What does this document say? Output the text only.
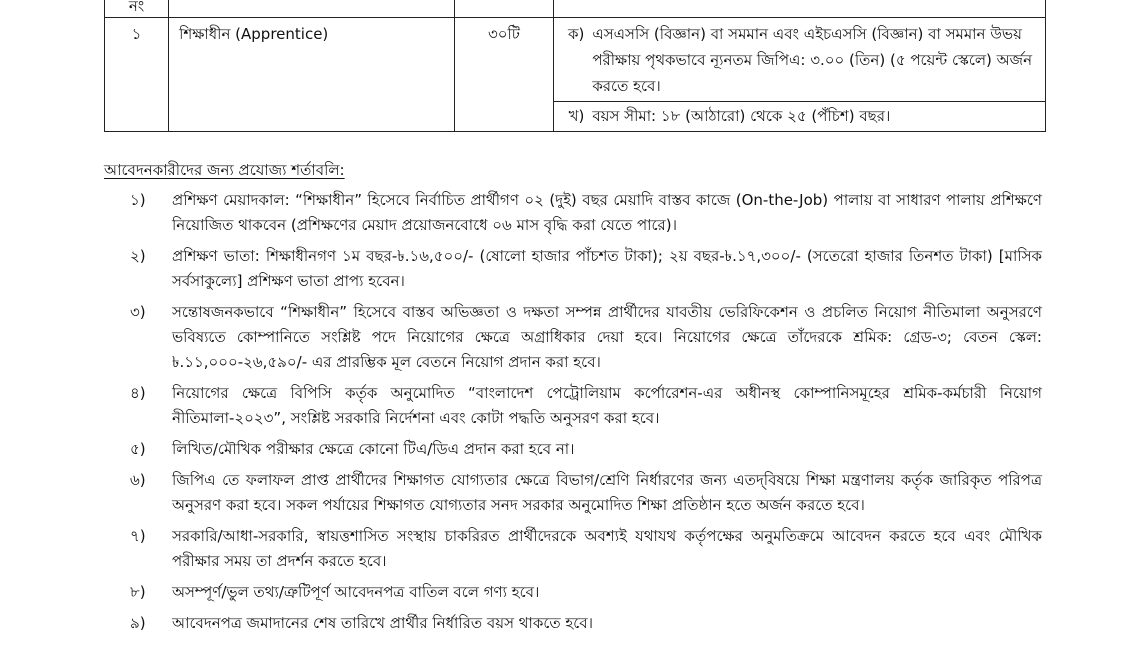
নং			
১	শিক্ষাধীন (Apprentice)	৩০টি	ক) এসএসসি (বিজ্ঞান) বা সমমান এবং এইচএসসি (বিজ্ঞান) বা সমমান উভয় পরীক্ষায় পৃথকভাবে ন্যূনতম জিপিএ: ৩.০০ (তিন) (৫ পয়েন্ট স্কেলে) অর্জন করতে হবে।
খ) বয়স সীমা: ১৮ (আঠারো) থেকে ২৫ (পঁচিশ) বছর।
আবেদনকারীদের জন্য প্রযোজ্য শর্তাবলি:
১)	প্রশিক্ষণ মেয়াদকাল: “শিক্ষাধীন” হিসেবে নির্বাচিত প্রার্থীগণ ০২ (দুই) বছর মেয়াদি বাস্তব কাজে (On-the-Job) পালায় বা সাধারণ পালায় প্রশিক্ষণে নিয়োজিত থাকবেন (প্রশিক্ষণের মেয়াদ প্রয়োজনবোধে ০৬ মাস বৃদ্ধি করা যেতে পারে)।
২)	প্রশিক্ষণ ভাতা: শিক্ষাধীনগণ ১ম বছর-৳.১৬,৫০০/- (ষোলো হাজার পাঁচশত টাকা); ২য় বছর-৳.১৭,৩০০/- (সতেরো হাজার তিনশত টাকা) [মাসিক সর্বসাকুল্যে] প্রশিক্ষণ ভাতা প্রাপ্য হবেন।
৩)	সন্তোষজনকভাবে “শিক্ষাধীন” হিসেবে বাস্তব অভিজ্ঞতা ও দক্ষতা সম্পন্ন প্রার্থীদের যাবতীয় ভেরিফিকেশন ও প্রচলিত নিয়োগ নীতিমালা অনুসরণে ভবিষ্যতে কোম্পানিতে সংশ্লিষ্ট পদে নিয়োগের ক্ষেত্রে অগ্রাধিকার দেয়া হবে। নিয়োগের ক্ষেত্রে তাঁদেরকে শ্রমিক: গ্রেড-৩; বেতন স্কেল: ৳.১১,০০০-২৬,৫৯০/- এর প্রারম্ভিক মূল বেতনে নিয়োগ প্রদান করা হবে।
৪)	নিয়োগের ক্ষেত্রে বিপিসি কর্তৃক অনুমোদিত “বাংলাদেশ পেট্রোলিয়াম কর্পোরেশন-এর অধীনস্থ কোম্পানিসমূহের শ্রমিক-কর্মচারী নিয়োগ নীতিমালা-২০২৩”, সংশ্লিষ্ট সরকারি নির্দেশনা এবং কোটা পদ্ধতি অনুসরণ করা হবে।
৫)	লিখিত/মৌখিক পরীক্ষার ক্ষেত্রে কোনো টিএ/ডিএ প্রদান করা হবে না।
৬)	জিপিএ তে ফলাফল প্রাপ্ত প্রার্থীদের শিক্ষাগত যোগ্যতার ক্ষেত্রে বিভাগ/শ্রেণি নির্ধারণের জন্য এতদ্‌বিষয়ে শিক্ষা মন্ত্রণালয় কর্তৃক জারিকৃত পরিপত্র অনুসরণ করা হবে। সকল পর্যায়ের শিক্ষাগত যোগ্যতার সনদ সরকার অনুমোদিত শিক্ষা প্রতিষ্ঠান হতে অর্জন করতে হবে।
৭)	সরকারি/আধা-সরকারি, স্বায়ত্তশাসিত সংস্থায় চাকরিরত প্রার্থীদেরকে অবশ্যই যথাযথ কর্তৃপক্ষের অনুমতিক্রমে আবেদন করতে হবে এবং মৌখিক পরীক্ষার সময় তা প্রদর্শন করতে হবে।
৮)	অসম্পূর্ণ/ভুল তথ্য/ত্রুটিপূর্ণ আবেদনপত্র বাতিল বলে গণ্য হবে।
৯)	আবেদনপত্র জমাদানের শেষ তারিখে প্রার্থীর নির্ধারিত বয়স থাকতে হবে।
